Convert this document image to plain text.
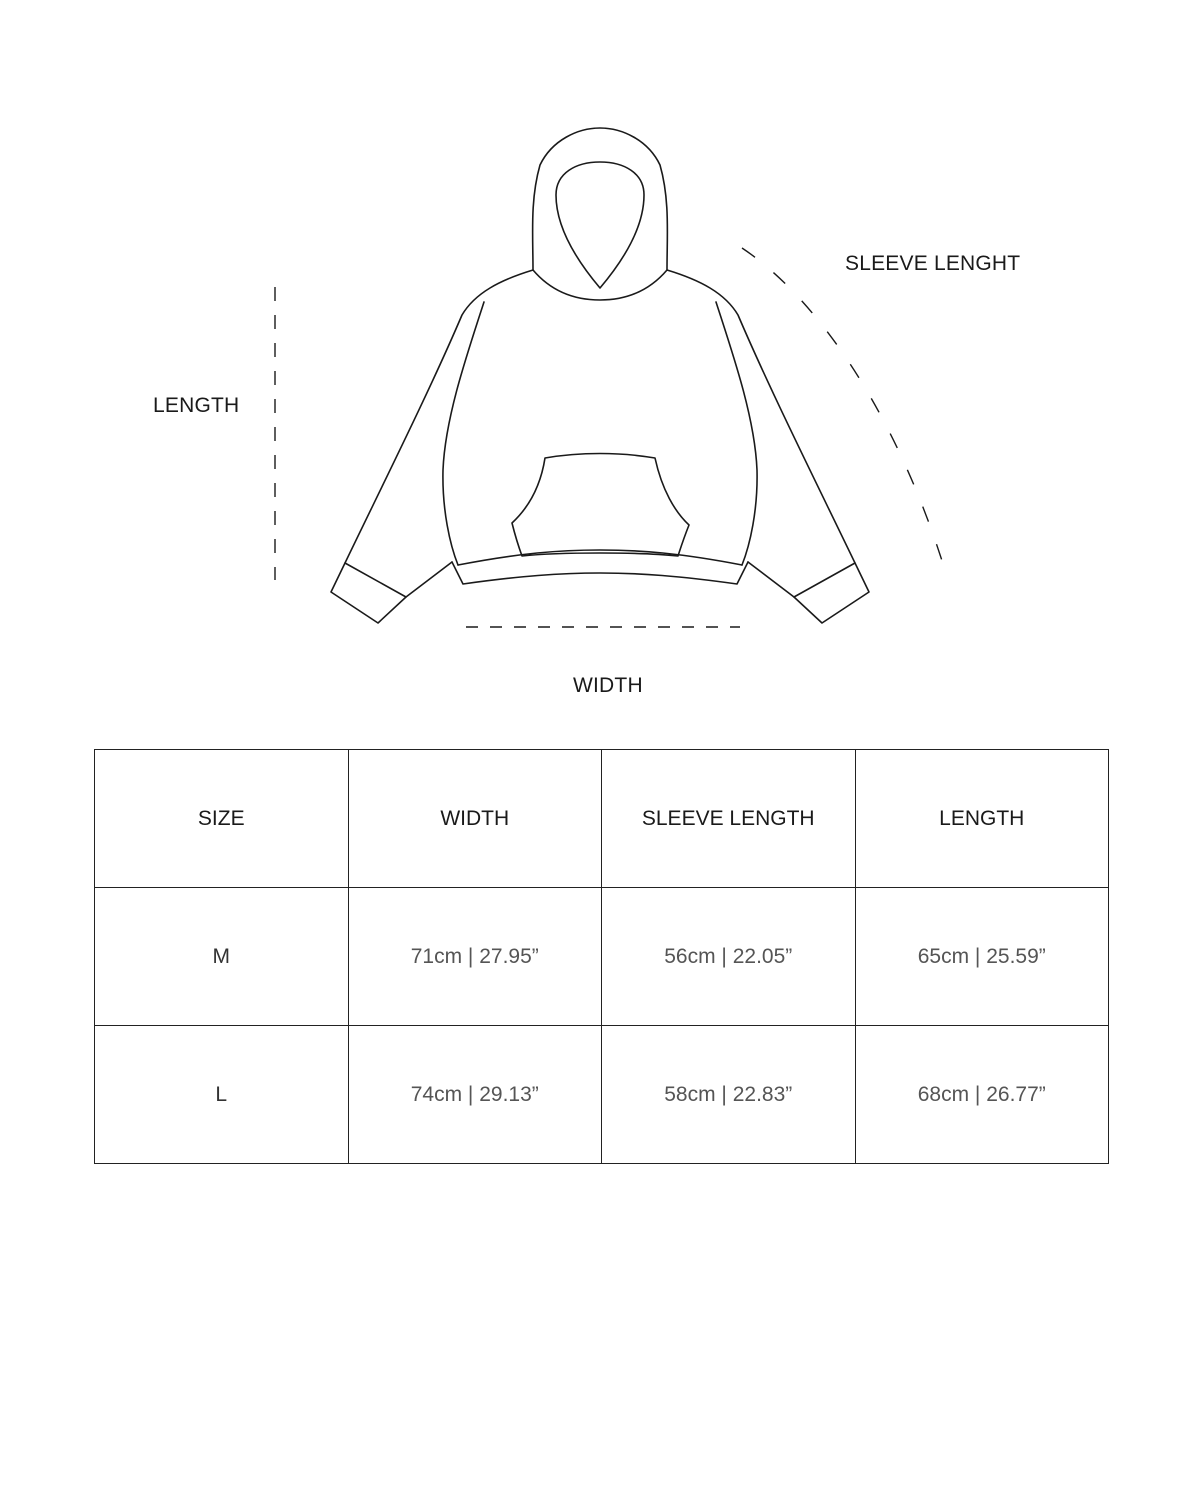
LENGTH
SLEEVE LENGHT
WIDTH
SIZE	WIDTH	SLEEVE LENGTH	LENGTH
M	71cm | 27.95”	56cm | 22.05”	65cm | 25.59”
L	74cm | 29.13”	58cm | 22.83”	68cm | 26.77”
